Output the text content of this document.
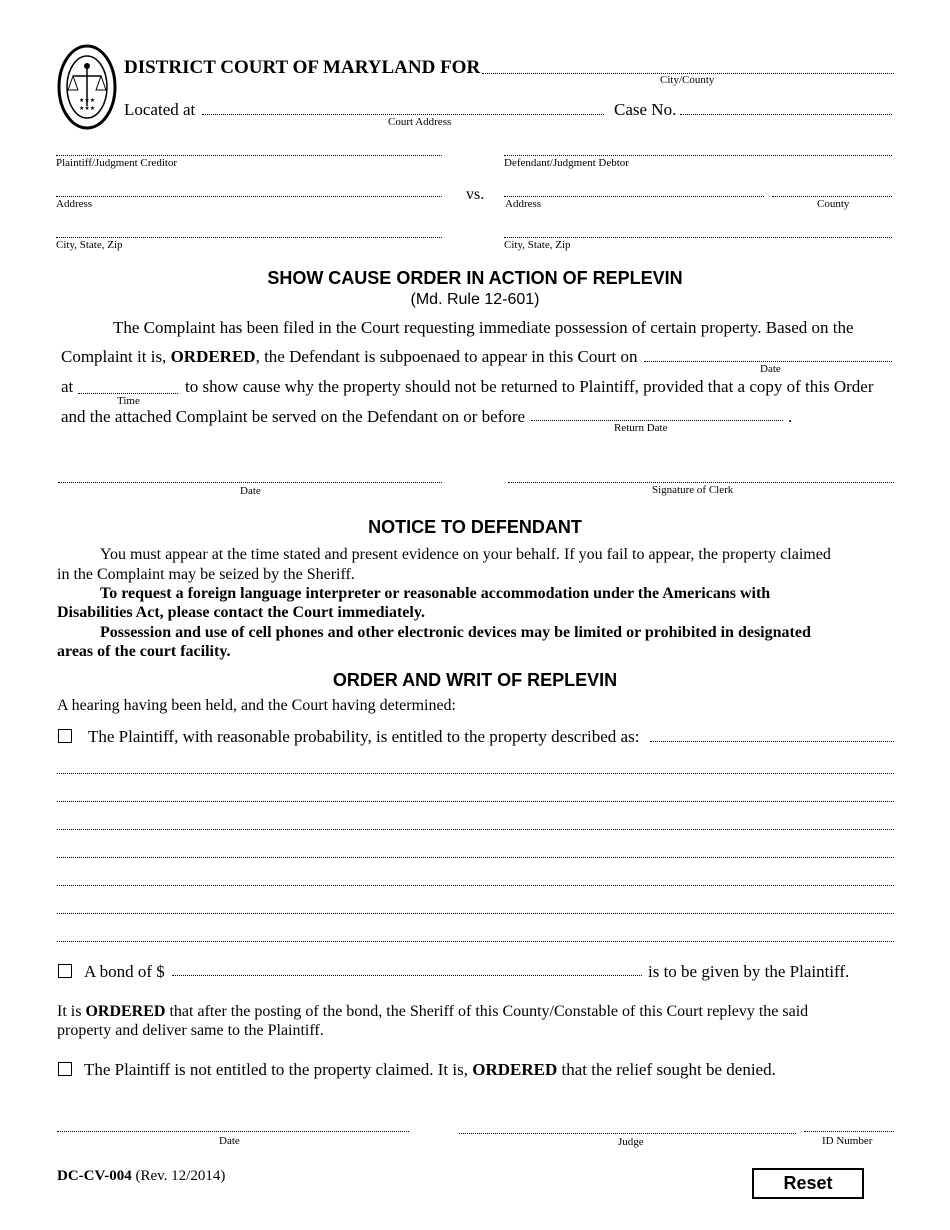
★★★
★★★
DISTRICT COURT OF MARYLAND FOR
City/County
Located at
Court Address
Case No.
Plaintiff/Judgment Creditor	Defendant/Judgment Debtor
vs.
Address	Address	County
City, State, Zip	City, State, Zip
SHOW CAUSE ORDER IN ACTION OF REPLEVIN
(Md. Rule 12-601)
The Complaint has been filed in the Court requesting immediate possession of certain property. Based on the
Complaint it is, ORDERED, the Defendant is subpoenaed to appear in this Court on
Date
at
Time
to show cause why the property should not be returned to Plaintiff, provided that a copy of this Order
and the attached Complaint be served on the Defendant on or before	.
Return Date
Date	Signature of Clerk
NOTICE TO DEFENDANT
You must appear at the time stated and present evidence on your behalf. If you fail to appear, the property claimed
in the Complaint may be seized by the Sheriff.
To request a foreign language interpreter or reasonable accommodation under the Americans with
Disabilities Act, please contact the Court immediately.
Possession and use of cell phones and other electronic devices may be limited or prohibited in designated
areas of the court facility.
ORDER AND WRIT OF REPLEVIN
A hearing having been held, and the Court having determined:
The Plaintiff, with reasonable probability, is entitled to the property described as:
A bond of $	is to be given by the Plaintiff.
It is ORDERED that after the posting of the bond, the Sheriff of this County/Constable of this Court replevy the said
property and deliver same to the Plaintiff.
The Plaintiff is not entitled to the property claimed. It is, ORDERED that the relief sought be denied.
Date	Judge	ID Number
DC-CV-004 (Rev. 12/2014)	Reset
